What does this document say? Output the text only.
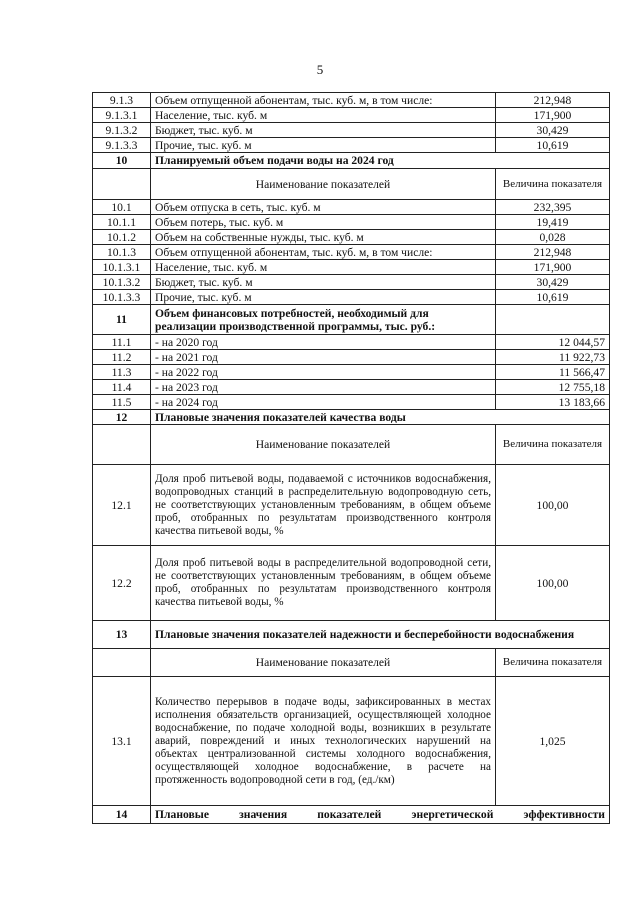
5
9.1.3	Объем отпущенной абонентам, тыс. куб. м, в том числе:	212,948
9.1.3.1	Население, тыс. куб. м	171,900
9.1.3.2	Бюджет, тыс. куб. м	30,429
9.1.3.3	Прочие, тыс. куб. м	10,619
10	Планируемый объем подачи воды на 2024 год	
	Наименование показателей	Величина показателя
10.1	Объем отпуска в сеть, тыс. куб. м	232,395
10.1.1	Объем потерь, тыс. куб. м	19,419
10.1.2	Объем на собственные нужды, тыс. куб. м	0,028
10.1.3	Объем отпущенной абонентам, тыс. куб. м, в том числе:	212,948
10.1.3.1	Население, тыс. куб. м	171,900
10.1.3.2	Бюджет, тыс. куб. м	30,429
10.1.3.3	Прочие, тыс. куб. м	10,619
11	Объем финансовых потребностей, необходимый для реализации производственной программы, тыс. руб.:	
11.1	- на 2020 год	12 044,57
11.2	- на 2021 год	11 922,73
11.3	- на 2022 год	11 566,47
11.4	- на 2023 год	12 755,18
11.5	- на 2024 год	13 183,66
12	Плановые значения показателей качества воды	
	Наименование показателей	Величина показателя
12.1	Доля проб питьевой воды, подаваемой с источников водоснабжения, водопроводных станций в распределительную водопроводную сеть, не соответствующих установленным требованиям, в общем объеме проб, отобранных по результатам производственного контроля качества питьевой воды, %	100,00
12.2	Доля проб питьевой воды в распределительной водопроводной сети, не соответствующих установленным требованиям, в общем объеме проб, отобранных по результатам производственного контроля качества питьевой воды, %	100,00
13	Плановые значения показателей надежности и бесперебойности водоснабжения	
	Наименование показателей	Величина показателя
13.1	Количество перерывов в подаче воды, зафиксированных в местах исполнения обязательств организацией, осуществляющей холодное водоснабжение, по подаче холодной воды, возникших в результате аварий, повреждений и иных технологических нарушений на объектах централизованной системы холодного водоснабжения, осуществляющей холодное водоснабжение, в расчете на протяженность водопроводной сети в год, (ед./км)	1,025
14	Плановые значения показателей энергетической эффективности	
